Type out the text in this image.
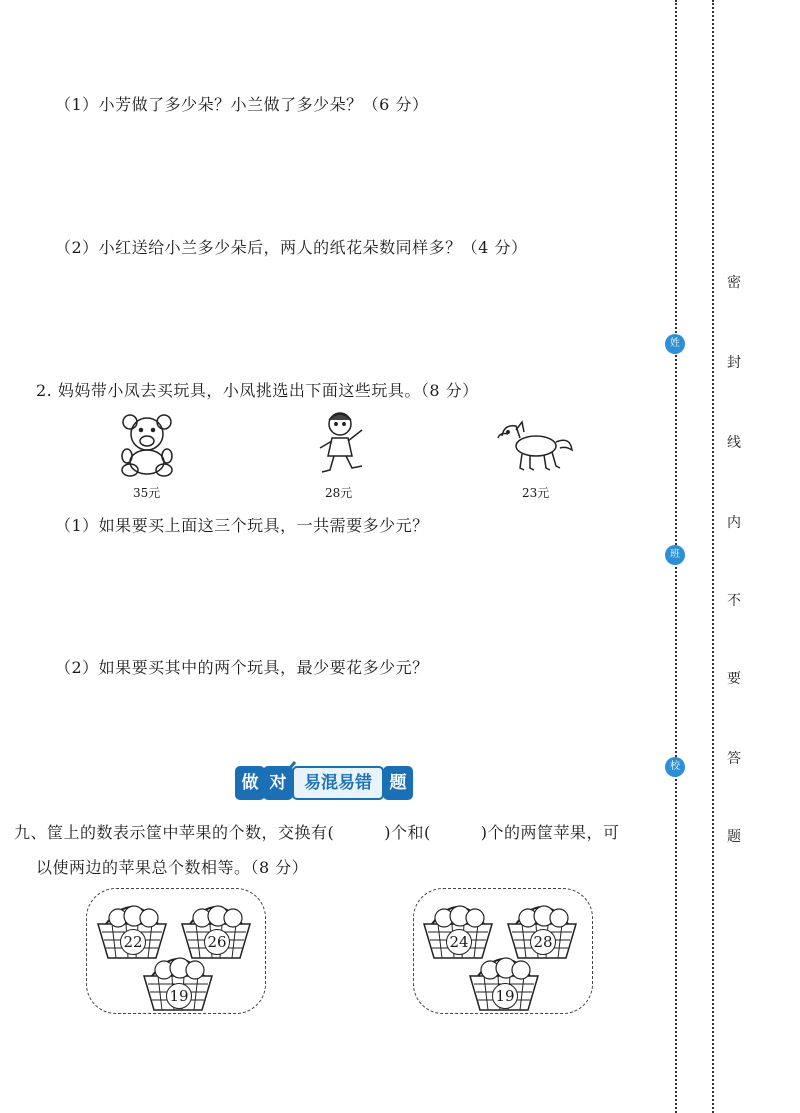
（1）小芳做了多少朵？小兰做了多少朵？（6 分）
（2）小红送给小兰多少朵后，两人的纸花朵数同样多？（4 分）
2. 妈妈带小凤去买玩具，小凤挑选出下面这些玩具。（8 分）
35元	28元	23元
（1）如果要买上面这三个玩具，一共需要多少元？
（2）如果要买其中的两个玩具，最少要花多少元？
做 对	易混易错	题
九、筐上的数表示筐中苹果的个数，交换有(	)个和(	)个的两筐苹果，可
以使两边的苹果总个数相等。（8 分）
22	26
19
24	28
19
姓
班
校
密
封
线
内
不
要
答
题
